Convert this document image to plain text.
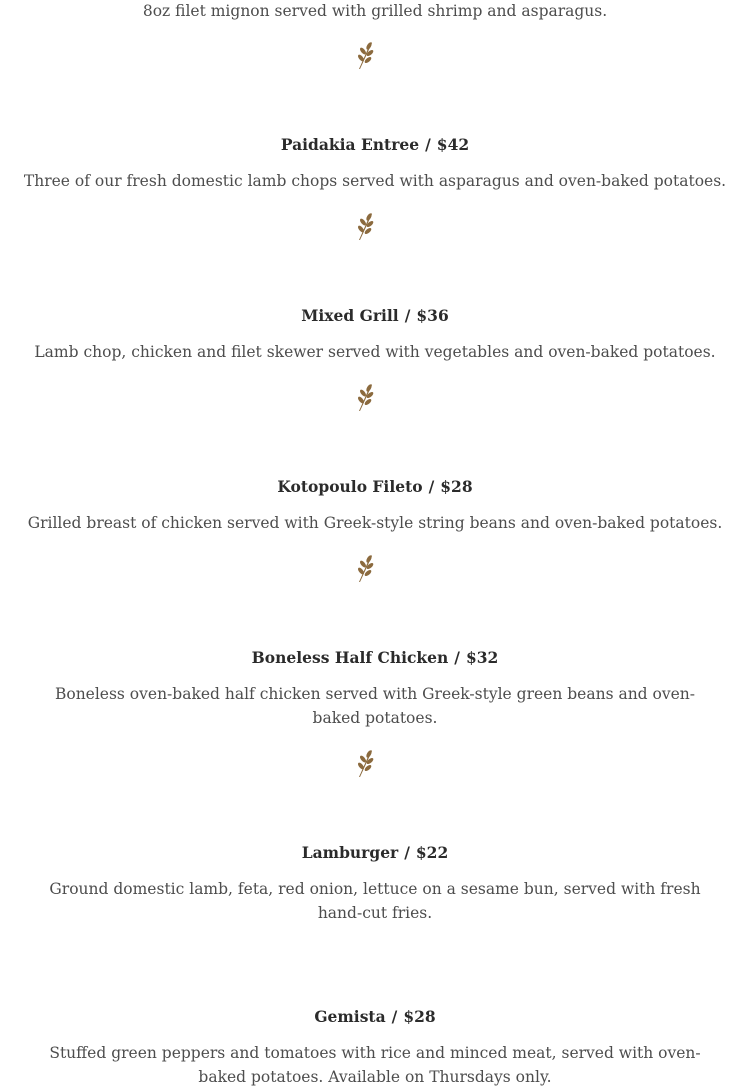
8oz filet mignon served with grilled shrimp and asparagus.
Paidakia Entree / $42
Three of our fresh domestic lamb chops served with asparagus and oven-baked potatoes.
Mixed Grill / $36
Lamb chop, chicken and filet skewer served with vegetables and oven-baked potatoes.
Kotopoulo Fileto / $28
Grilled breast of chicken served with Greek-style string beans and oven-baked potatoes.
Boneless Half Chicken / $32
Boneless oven-baked half chicken served with Greek-style green beans and oven-baked potatoes.
Lamburger / $22
Ground domestic lamb, feta, red onion, lettuce on a sesame bun, served with fresh hand-cut fries.
Gemista / $28
Stuffed green peppers and tomatoes with rice and minced meat, served with oven-baked potatoes. Available on Thursdays only.
